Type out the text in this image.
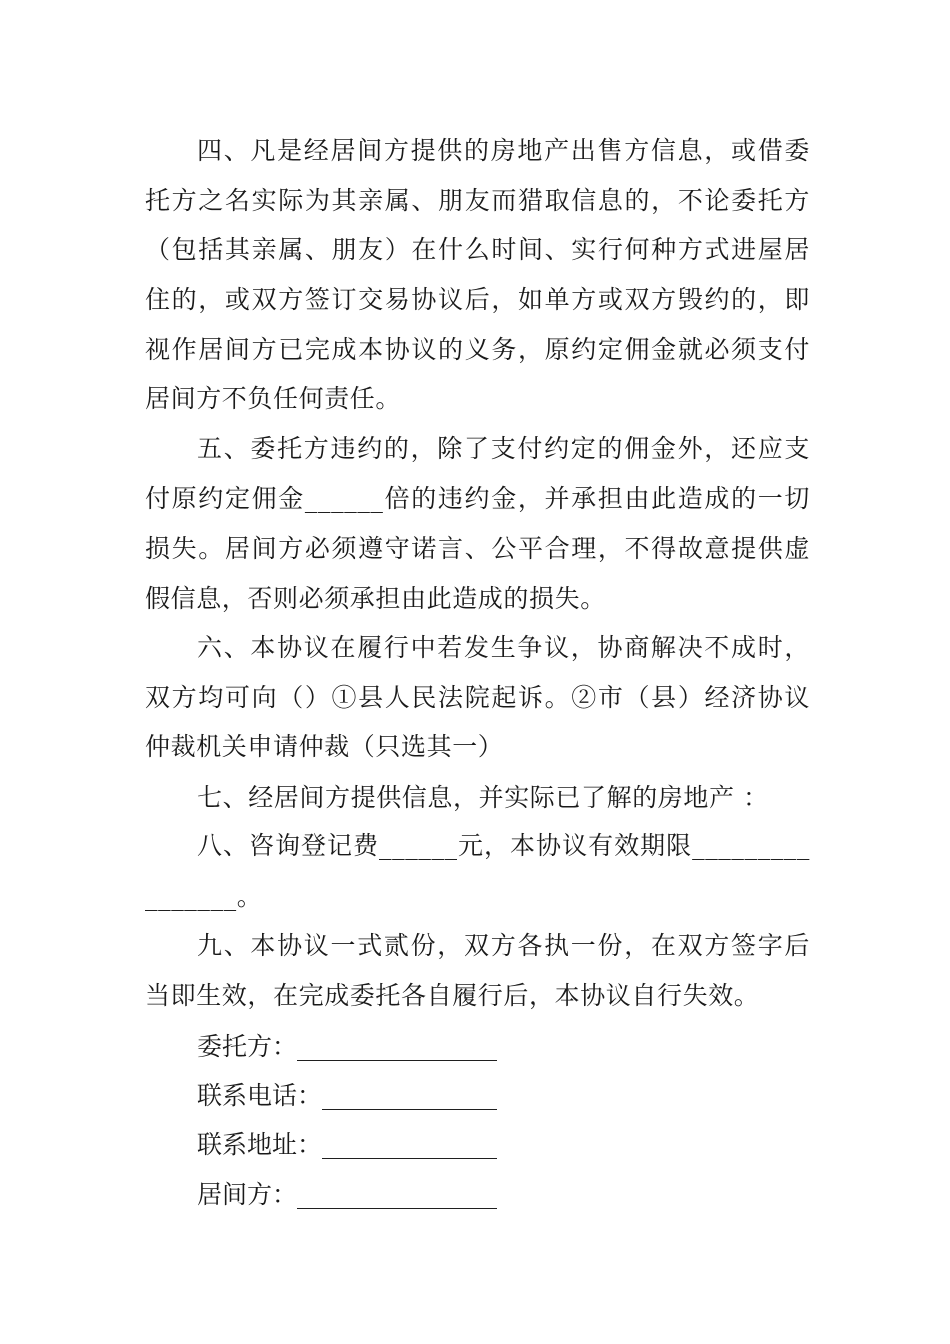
四、凡是经居间方提供的房地产出售方信息，或借委
托方之名实际为其亲属、朋友而猎取信息的，不论委托方
（包括其亲属、朋友）在什么时间、实行何种方式进屋居
住的，或双方签订交易协议后，如单方或双方毁约的，即
视作居间方已完成本协议的义务，原约定佣金就必须支付
居间方不负任何责任。
五、委托方违约的，除了支付约定的佣金外，还应支
付原约定佣金______倍的违约金，并承担由此造成的一切
损失。居间方必须遵守诺言、公平合理，不得故意提供虚
假信息，否则必须承担由此造成的损失。
六、本协议在履行中若发生争议，协商解决不成时，
双方均可向（）①县人民法院起诉。②市（县）经济协议
仲裁机关申请仲裁（只选其一）
七、经居间方提供信息，并实际已了解的房地产 ：
八、咨询登记费______元，本协议有效期限_________
_______。
九、本协议一式贰份，双方各执一份，在双方签字后
当即生效，在完成委托各自履行后，本协议自行失效。
委托方：________________
联系电话：______________
联系地址：______________
居间方：________________
